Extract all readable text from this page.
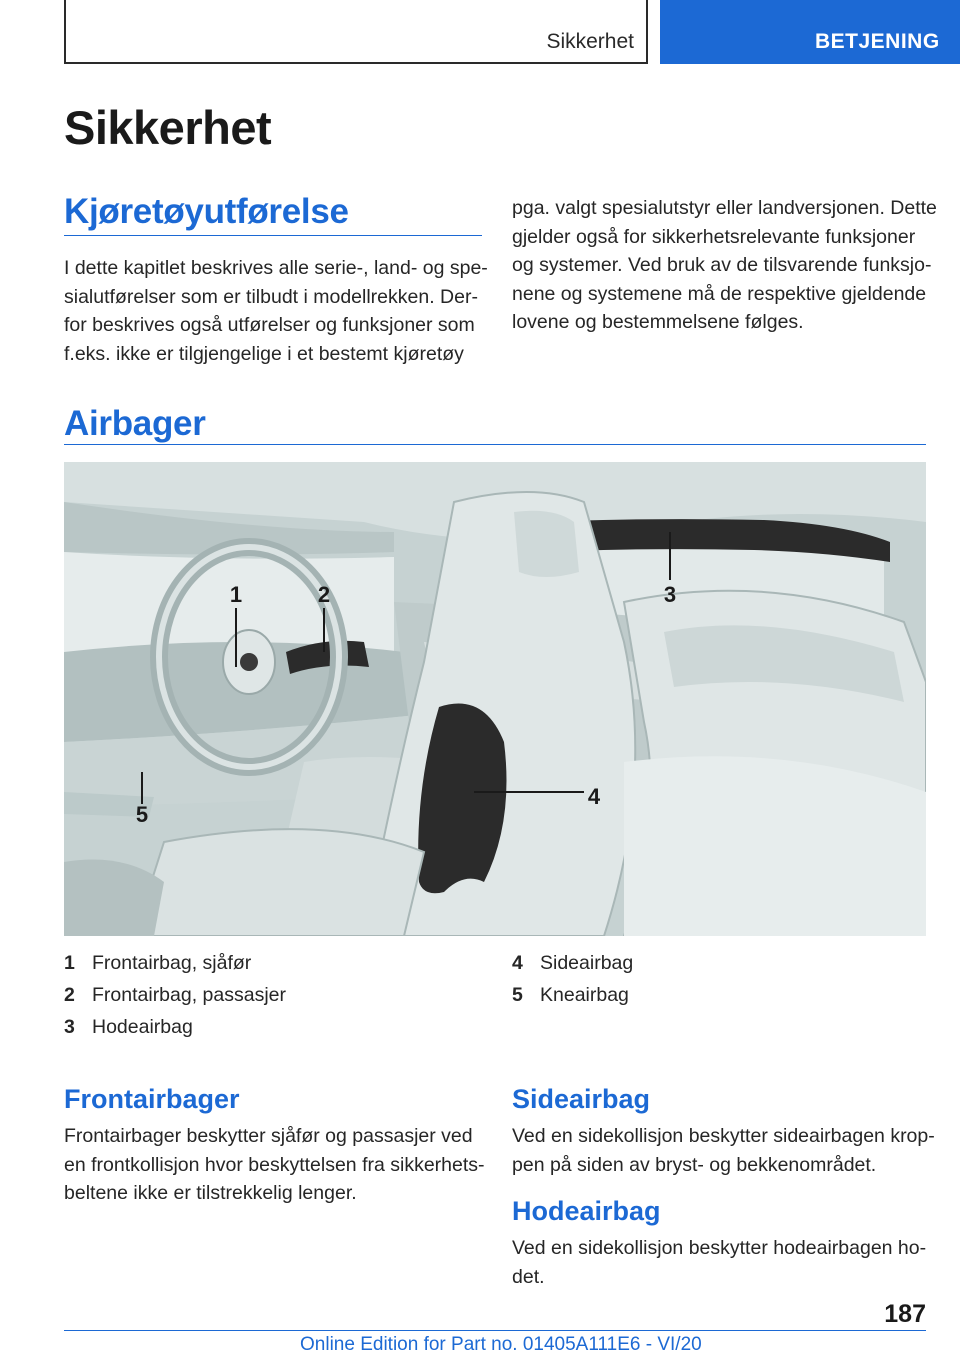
Sikkerhet	BETJENING
Sikkerhet
Kjøretøyutførelse
I dette kapitlet beskrives alle serie-, land- og spe-
sialutførelser som er tilbudt i modellrekken. Der-
for beskrives også utførelser og funksjoner som
f.eks. ikke er tilgjengelige i et bestemt kjøretøy
pga. valgt spesialutstyr eller landversjonen. Dette
gjelder også for sikkerhetsrelevante funksjoner
og systemer. Ved bruk av de tilsvarende funksjo-
nene og systemene må de respektive gjeldende
lovene og bestemmelsene følges.
Airbager
1	2	3
4
5
1 Frontairbag, sjåfør
2 Frontairbag, passasjer
3 Hodeairbag
4 Sideairbag
5 Kneairbag
Frontairbager
Frontairbager beskytter sjåfør og passasjer ved
en frontkollisjon hvor beskyttelsen fra sikkerhets-
beltene ikke er tilstrekkelig lenger.
Sideairbag
Ved en sidekollisjon beskytter sideairbagen krop-
pen på siden av bryst- og bekkenområdet.
Hodeairbag
Ved en sidekollisjon beskytter hodeairbagen ho-
det.
187
Online Edition for Part no. 01405A111E6 - VI/20
